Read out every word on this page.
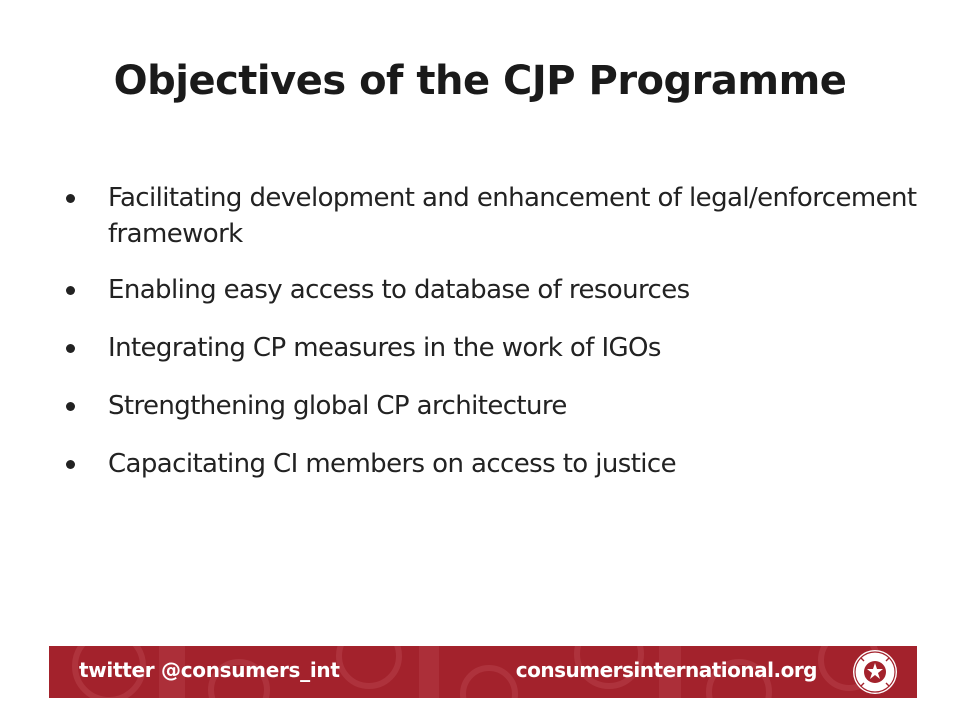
Objectives of the CJP Programme
Facilitating development and enhancement of legal/enforcement framework
Enabling easy access to database of resources
Integrating CP measures in the work of IGOs
Strengthening global CP architecture
Capacitating CI members on access to justice
twitter @consumers_int	consumersinternational.org
